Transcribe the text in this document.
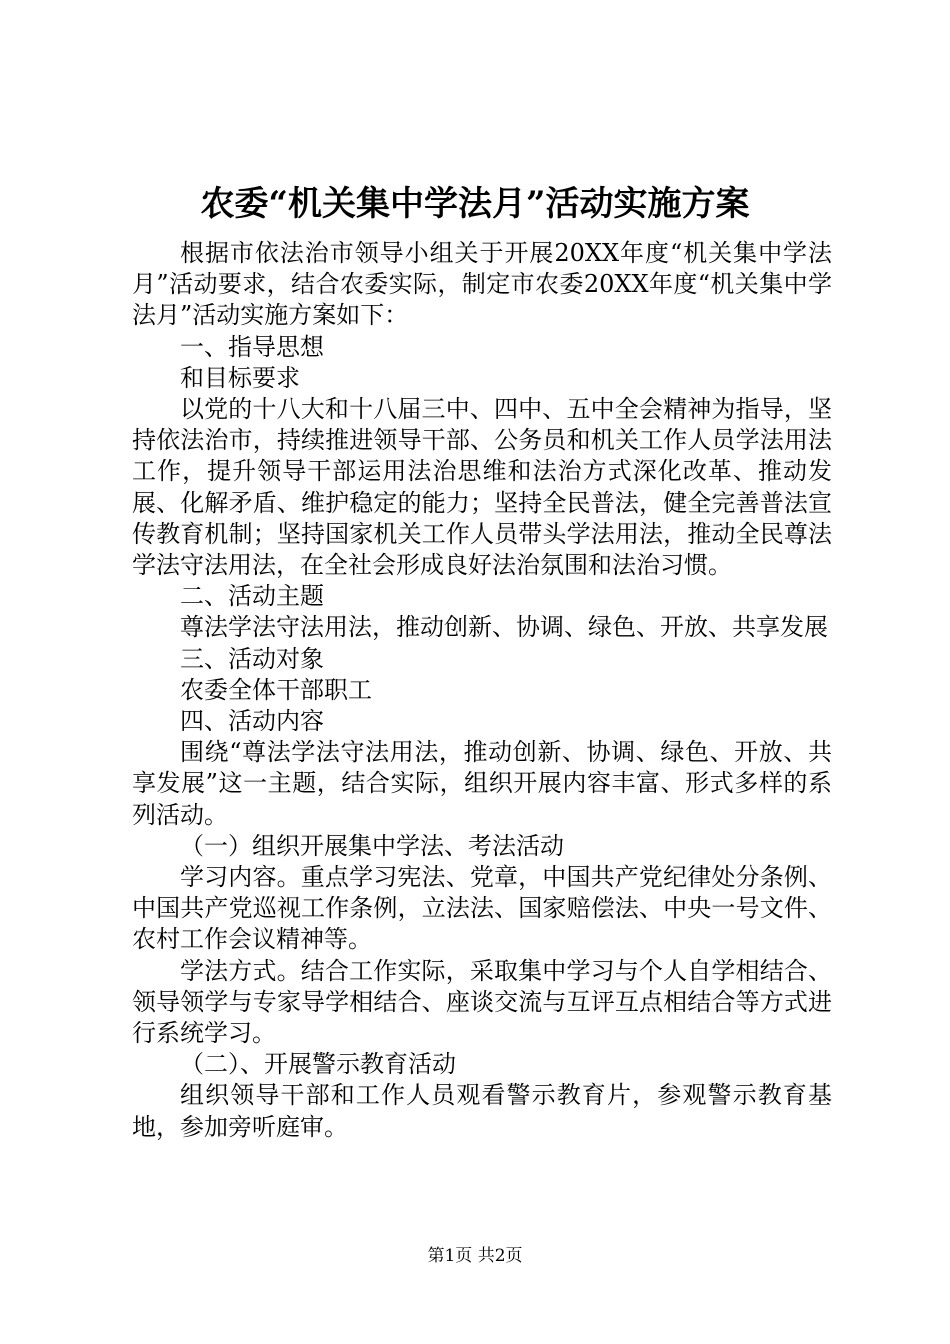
农委“机关集中学法月”活动实施方案

根据市依法治市领导小组关于开展20XX年度“机关集中学法月”活动要求，结合农委实际，制定市农委20XX年度“机关集中学法月”活动实施方案如下：

一、指导思想

和目标要求

以党的十八大和十八届三中、四中、五中全会精神为指导，坚持依法治市，持续推进领导干部、公务员和机关工作人员学法用法工作，提升领导干部运用法治思维和法治方式深化改革、推动发展、化解矛盾、维护稳定的能力；坚持全民普法，健全完善普法宣传教育机制；坚持国家机关工作人员带头学法用法，推动全民尊法学法守法用法，在全社会形成良好法治氛围和法治习惯。

二、活动主题

尊法学法守法用法，推动创新、协调、绿色、开放、共享发展

三、活动对象

农委全体干部职工

四、活动内容

围绕“尊法学法守法用法，推动创新、协调、绿色、开放、共享发展”这一主题，结合实际，组织开展内容丰富、形式多样的系列活动。

（一）组织开展集中学法、考法活动

学习内容。重点学习宪法、党章，中国共产党纪律处分条例、中国共产党巡视工作条例，立法法、国家赔偿法、中央一号文件、农村工作会议精神等。

学法方式。结合工作实际，采取集中学习与个人自学相结合、领导领学与专家导学相结合、座谈交流与互评互点相结合等方式进行系统学习。

（二）、开展警示教育活动

组织领导干部和工作人员观看警示教育片，参观警示教育基地，参加旁听庭审。

第1页 共2页
